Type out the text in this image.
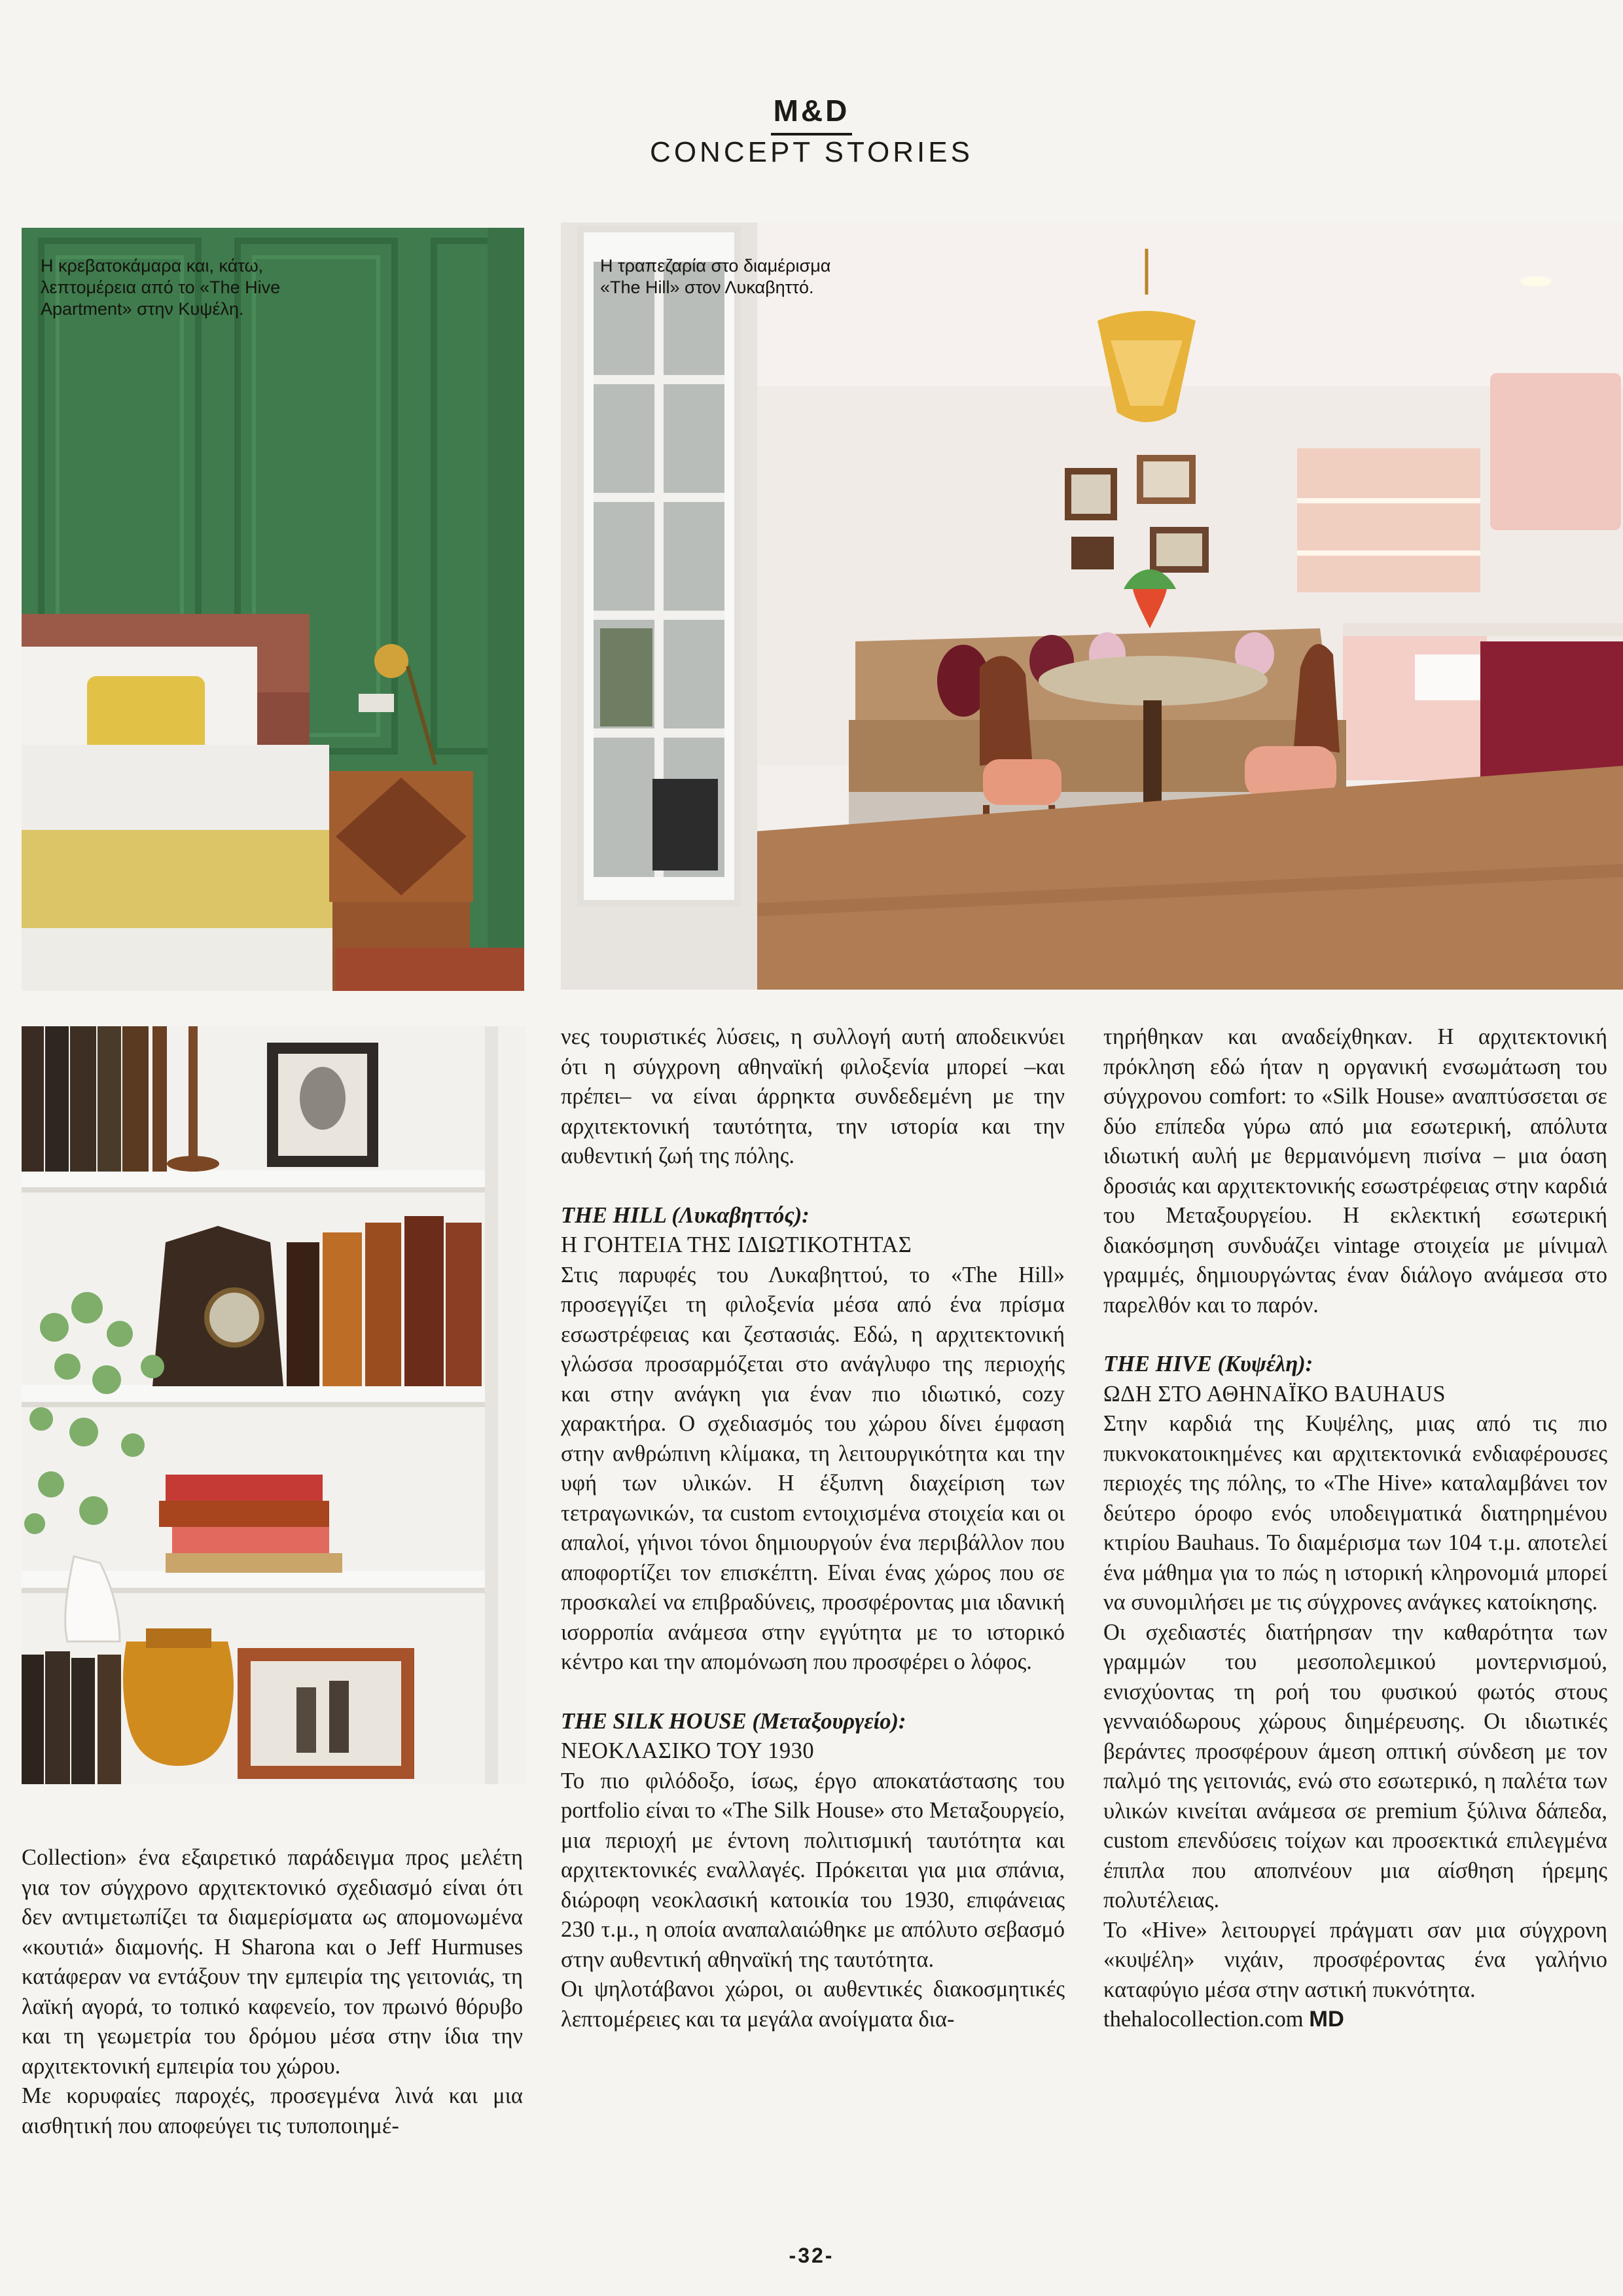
M&D
CONCEPT STORIES
Η κρεβατοκάμαρα και, κάτω, λεπτομέρεια από το «The Hive Apartment» στην Κυψέλη.
Η τραπεζαρία στο διαμέρισμα «The Hill» στον Λυκαβηττό.

Collection» ένα εξαιρετικό παράδειγμα προς μελέτη για τον σύγχρονο αρχιτεκτονικό σχεδιασμό είναι ότι δεν αντιμετωπίζει τα διαμερίσματα ως απομονωμένα «κουτιά» διαμονής. Η Sharona και ο Jeff Hurmuses κατάφεραν να εντάξουν την εμπειρία της γειτονιάς, τη λαϊκή αγορά, το τοπικό καφενείο, τον πρωινό θόρυβο και τη γεωμετρία του δρόμου μέσα στην ίδια την αρχιτεκτονική εμπειρία του χώρου.

Με κορυφαίες παροχές, προσεγμένα λινά και μια αισθητική που αποφεύγει τις τυποποιημέ-

νες τουριστικές λύσεις, η συλλογή αυτή αποδεικνύει ότι η σύγχρονη αθηναϊκή φιλοξενία μπορεί –και πρέπει– να είναι άρρηκτα συνδεδεμένη με την αρχιτεκτονική ταυτότητα, την ιστορία και την αυθεντική ζωή της πόλης.

THE HILL (Λυκαβηττός):

Η ΓΟΗΤΕΙΑ ΤΗΣ ΙΔΙΩΤΙΚΟΤΗΤΑΣ

Στις παρυφές του Λυκαβηττού, το «The Hill» προσεγγίζει τη φιλοξενία μέσα από ένα πρίσμα εσωστρέφειας και ζεστασιάς. Εδώ, η αρχιτεκτονική γλώσσα προσαρμόζεται στο ανάγλυφο της περιοχής και στην ανάγκη για έναν πιο ιδιωτικό, cozy χαρακτήρα. Ο σχεδιασμός του χώρου δίνει έμφαση στην ανθρώπινη κλίμακα, τη λειτουργικότητα και την υφή των υλικών. Η έξυπνη διαχείριση των τετραγωνικών, τα custom εντοιχισμένα στοιχεία και οι απαλοί, γήινοι τόνοι δημιουργούν ένα περιβάλλον που αποφορτίζει τον επισκέπτη. Είναι ένας χώρος που σε προσκαλεί να επιβραδύνεις, προσφέροντας μια ιδανική ισορροπία ανάμεσα στην εγγύτητα με το ιστορικό κέντρο και την απομόνωση που προσφέρει ο λόφος.

THE SILK HOUSE (Μεταξουργείο):

ΝΕΟΚΛΑΣΙΚΟ ΤΟΥ 1930

Το πιο φιλόδοξο, ίσως, έργο αποκατάστασης του portfolio είναι το «The Silk House» στο Μεταξουργείο, μια περιοχή με έντονη πολιτισμική ταυτότητα και αρχιτεκτονικές εναλλαγές. Πρόκειται για μια σπάνια, διώροφη νεοκλασική κατοικία του 1930, επιφάνειας 230 τ.μ., η οποία αναπαλαιώθηκε με απόλυτο σεβασμό στην αυθεντική αθηναϊκή της ταυτότητα.

Οι ψηλοτάβανοι χώροι, οι αυθεντικές διακοσμητικές λεπτομέρειες και τα μεγάλα ανοίγματα δια-

τηρήθηκαν και αναδείχθηκαν. Η αρχιτεκτονική πρόκληση εδώ ήταν η οργανική ενσωμάτωση του σύγχρονου comfort: το «Silk House» αναπτύσσεται σε δύο επίπεδα γύρω από μια εσωτερική, απόλυτα ιδιωτική αυλή με θερμαινόμενη πισίνα – μια όαση δροσιάς και αρχιτεκτονικής εσωστρέφειας στην καρδιά του Μεταξουργείου. Η εκλεκτική εσωτερική διακόσμηση συνδυάζει vintage στοιχεία με μίνιμαλ γραμμές, δημιουργώντας έναν διάλογο ανάμεσα στο παρελθόν και το παρόν.

THE HIVE (Κυψέλη):

ΩΔΗ ΣΤΟ ΑΘΗΝΑΪΚΟ BAUHAUS

Στην καρδιά της Κυψέλης, μιας από τις πιο πυκνοκατοικημένες και αρχιτεκτονικά ενδιαφέρουσες περιοχές της πόλης, το «The Hive» καταλαμβάνει τον δεύτερο όροφο ενός υποδειγματικά διατηρημένου κτιρίου Bauhaus. Το διαμέρισμα των 104 τ.μ. αποτελεί ένα μάθημα για το πώς η ιστορική κληρονομιά μπορεί να συνομιλήσει με τις σύγχρονες ανάγκες κατοίκησης.

Οι σχεδιαστές διατήρησαν την καθαρότητα των γραμμών του μεσοπολεμικού μοντερνισμού, ενισχύοντας τη ροή του φυσικού φωτός στους γενναιόδωρους χώρους διημέρευσης. Οι ιδιωτικές βεράντες προσφέρουν άμεση οπτική σύνδεση με τον παλμό της γειτονιάς, ενώ στο εσωτερικό, η παλέτα των υλικών κινείται ανάμεσα σε premium ξύλινα δάπεδα, custom επενδύσεις τοίχων και προσεκτικά επιλεγμένα έπιπλα που αποπνέουν μια αίσθηση ήρεμης πολυτέλειας.

Το «Hive» λειτουργεί πράγματι σαν μια σύγχρονη «κυψέλη» νιχάιν, προσφέροντας ένα γαλήνιο καταφύγιο μέσα στην αστική πυκνότητα.

thehalocollection.com MD

-32-
